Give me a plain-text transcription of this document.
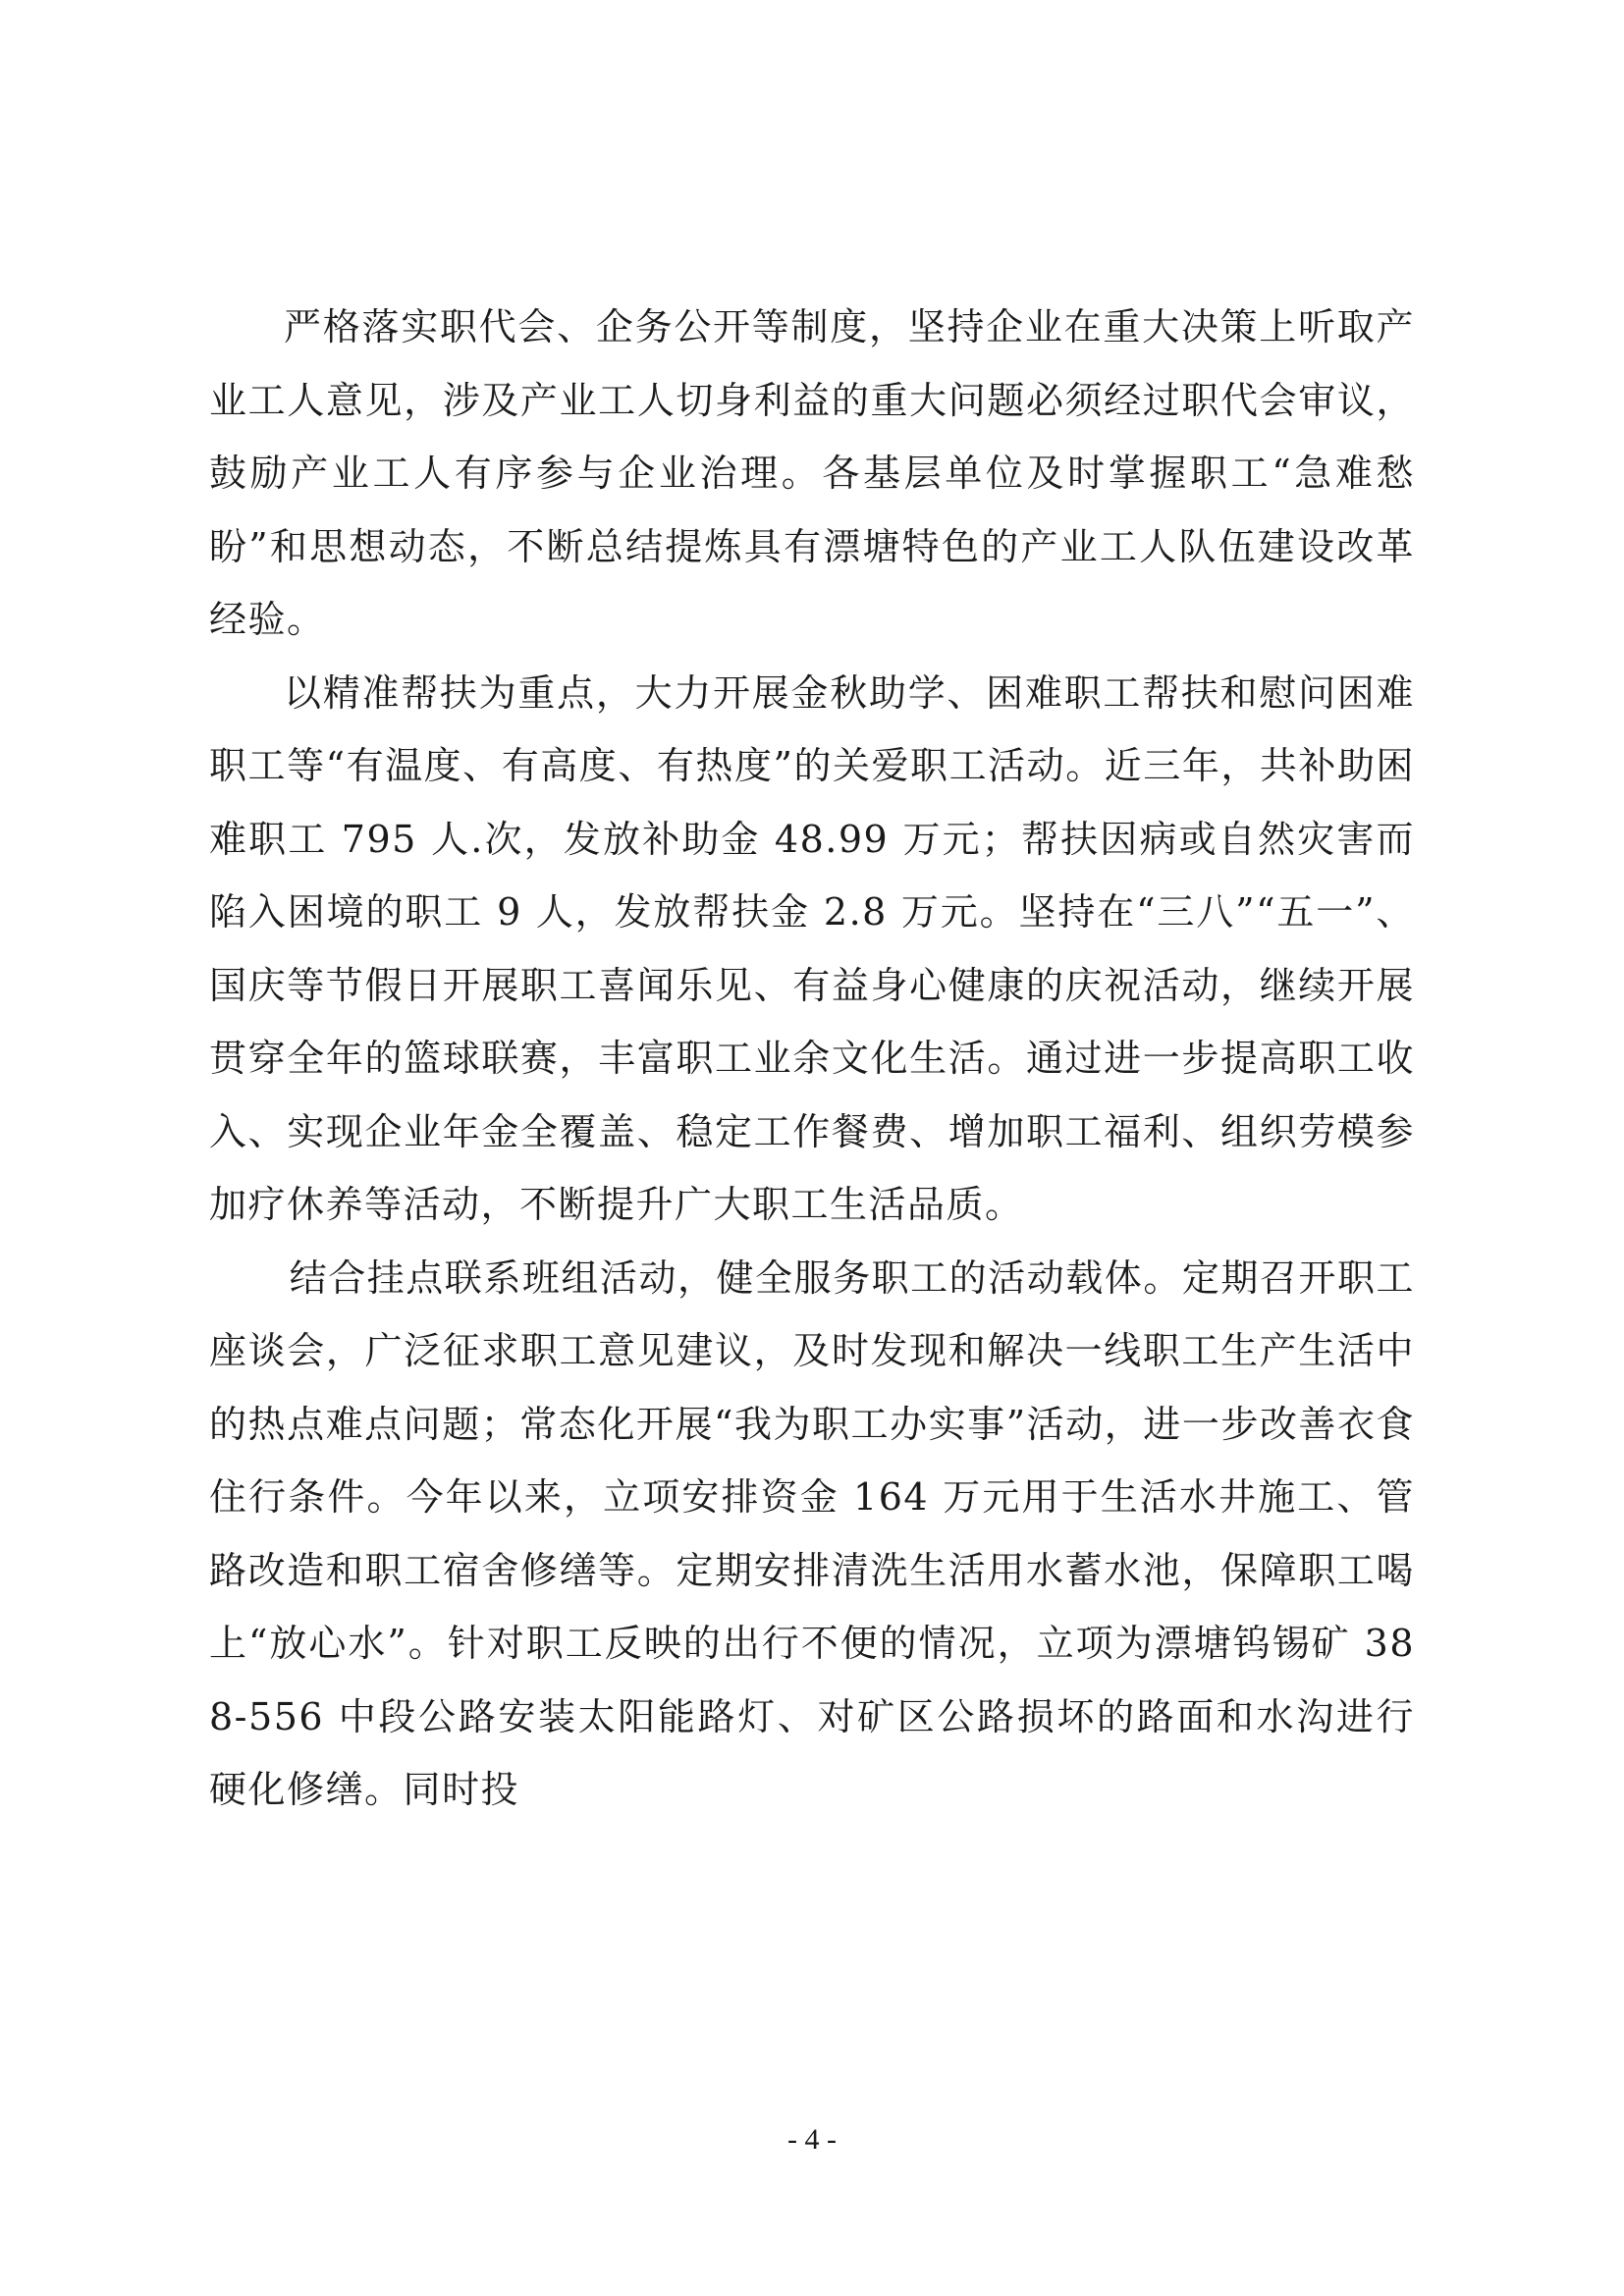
严格落实职代会、企务公开等制度，坚持企业在重大决策上听取产业工人意见，涉及产业工人切身利益的重大问题必须经过职代会审议，鼓励产业工人有序参与企业治理。各基层单位及时掌握职工“急难愁盼”和思想动态，不断总结提炼具有漂塘特色的产业工人队伍建设改革经验。

以精准帮扶为重点，大力开展金秋助学、困难职工帮扶和慰问困难职工等“有温度、有高度、有热度”的关爱职工活动。近三年，共补助困难职工 795 人.次，发放补助金 48.99 万元；帮扶因病或自然灾害而陷入困境的职工 9 人，发放帮扶金 2.8 万元。坚持在“三八”“五一”、国庆等节假日开展职工喜闻乐见、有益身心健康的庆祝活动，继续开展贯穿全年的篮球联赛，丰富职工业余文化生活。通过进一步提高职工收入、实现企业年金全覆盖、稳定工作餐费、增加职工福利、组织劳模参加疗休养等活动，不断提升广大职工生活品质。

结合挂点联系班组活动，健全服务职工的活动载体。定期召开职工座谈会，广泛征求职工意见建议，及时发现和解决一线职工生产生活中的热点难点问题；常态化开展“我为职工办实事”活动，进一步改善衣食住行条件。今年以来，立项安排资金 164 万元用于生活水井施工、管路改造和职工宿舍修缮等。定期安排清洗生活用水蓄水池，保障职工喝上“放心水”。针对职工反映的出行不便的情况，立项为漂塘钨锡矿 388-556 中段公路安装太阳能路灯、对矿区公路损坏的路面和水沟进行硬化修缮。同时投

- 4 -
